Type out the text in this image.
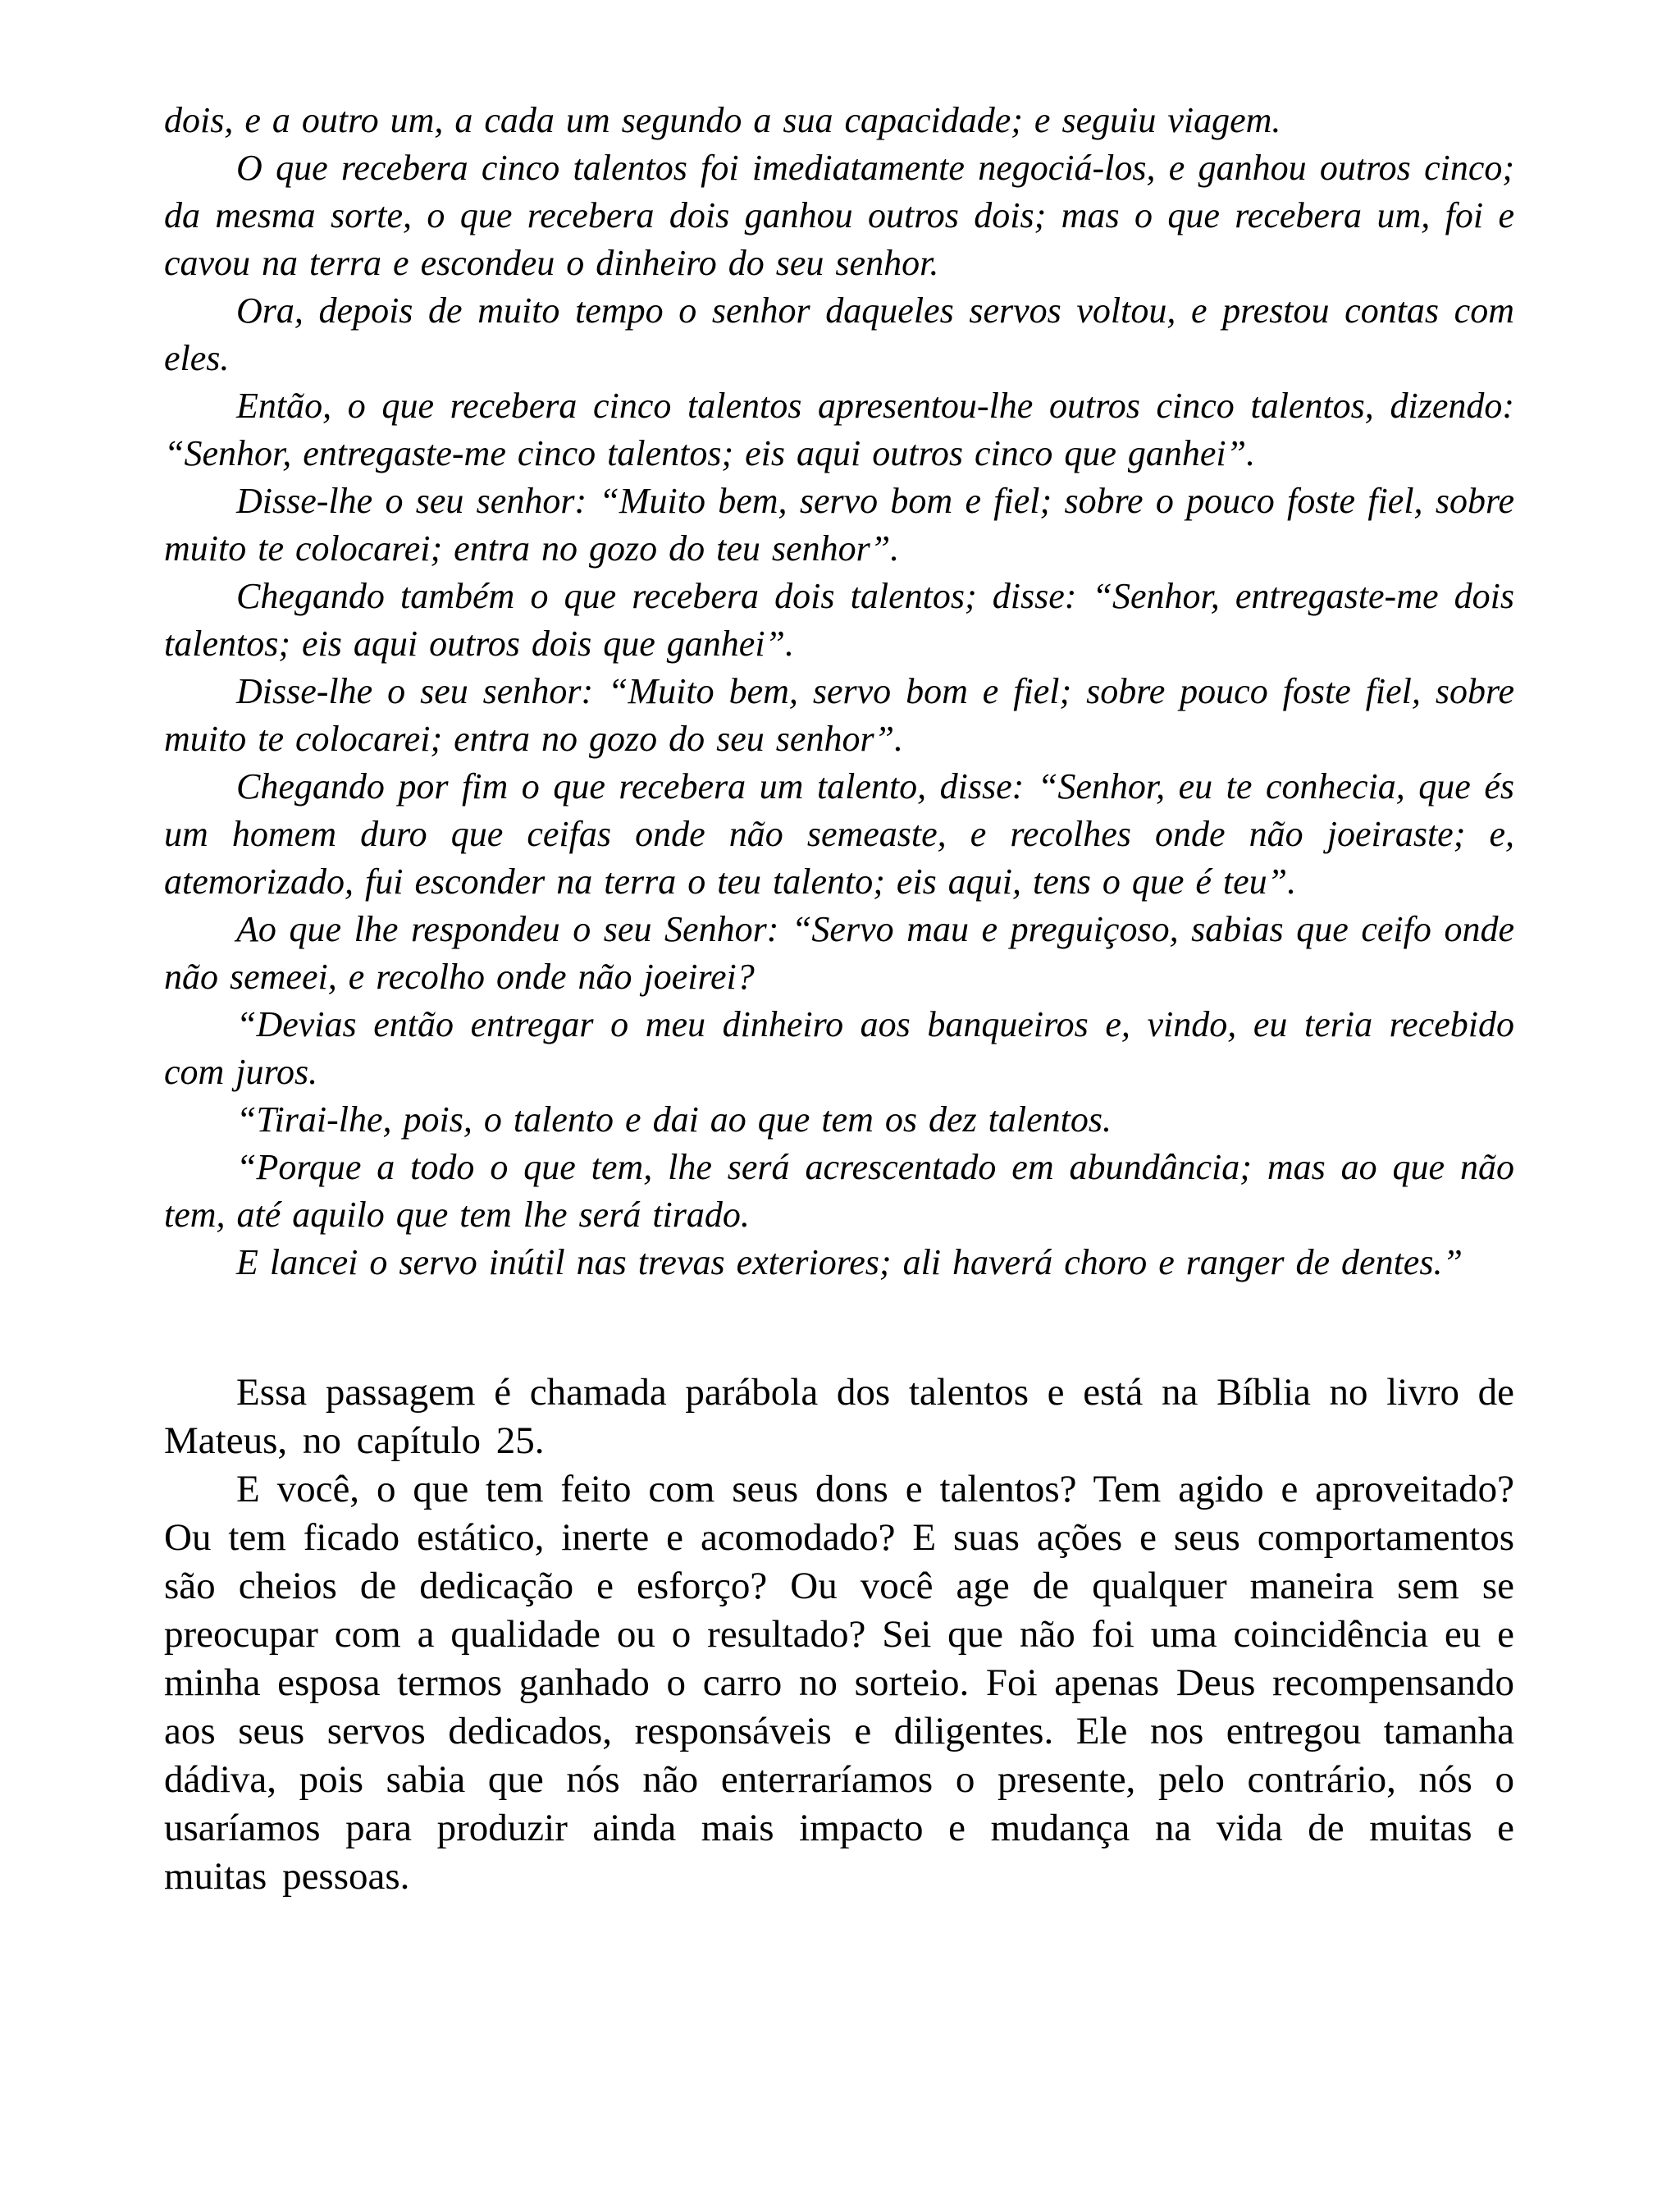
dois, e a outro um, a cada um segundo a sua capacidade; e seguiu viagem.

O que recebera cinco talentos foi imediatamente negociá-los, e ganhou outros cinco; da mesma sorte, o que recebera dois ganhou outros dois; mas o que recebera um, foi e cavou na terra e escondeu o dinheiro do seu senhor.

Ora, depois de muito tempo o senhor daqueles servos voltou, e prestou contas com eles.

Então, o que recebera cinco talentos apresentou-lhe outros cinco talentos, dizendo: “Senhor, entregaste-me cinco talentos; eis aqui outros cinco que ganhei”.

Disse-lhe o seu senhor: “Muito bem, servo bom e fiel; sobre o pouco foste fiel, sobre muito te colocarei; entra no gozo do teu senhor”.

Chegando também o que recebera dois talentos; disse: “Senhor, entregaste-me dois talentos; eis aqui outros dois que ganhei”.

Disse-lhe o seu senhor: “Muito bem, servo bom e fiel; sobre pouco foste fiel, sobre muito te colocarei; entra no gozo do seu senhor”.

Chegando por fim o que recebera um talento, disse: “Senhor, eu te conhecia, que és um homem duro que ceifas onde não semeaste, e recolhes onde não joeiraste; e, atemorizado, fui esconder na terra o teu talento; eis aqui, tens o que é teu”.

Ao que lhe respondeu o seu Senhor: “Servo mau e preguiçoso, sabias que ceifo onde não semeei, e recolho onde não joeirei?

“Devias então entregar o meu dinheiro aos banqueiros e, vindo, eu teria recebido com juros.

“Tirai-lhe, pois, o talento e dai ao que tem os dez talentos.

“Porque a todo o que tem, lhe será acrescentado em abundância; mas ao que não tem, até aquilo que tem lhe será tirado.

E lancei o servo inútil nas trevas exteriores; ali haverá choro e ranger de dentes.”

Essa passagem é chamada parábola dos talentos e está na Bíblia no livro de Mateus, no capítulo 25.

E você, o que tem feito com seus dons e talentos? Tem agido e aproveitado? Ou tem ficado estático, inerte e acomodado? E suas ações e seus comportamentos são cheios de dedicação e esforço? Ou você age de qualquer maneira sem se preocupar com a qualidade ou o resultado? Sei que não foi uma coincidência eu e minha esposa termos ganhado o carro no sorteio. Foi apenas Deus recompensando aos seus servos dedicados, responsáveis e diligentes. Ele nos entregou tamanha dádiva, pois sabia que nós não enterraríamos o presente, pelo contrário, nós o usaríamos para produzir ainda mais impacto e mudança na vida de muitas e muitas pessoas.
